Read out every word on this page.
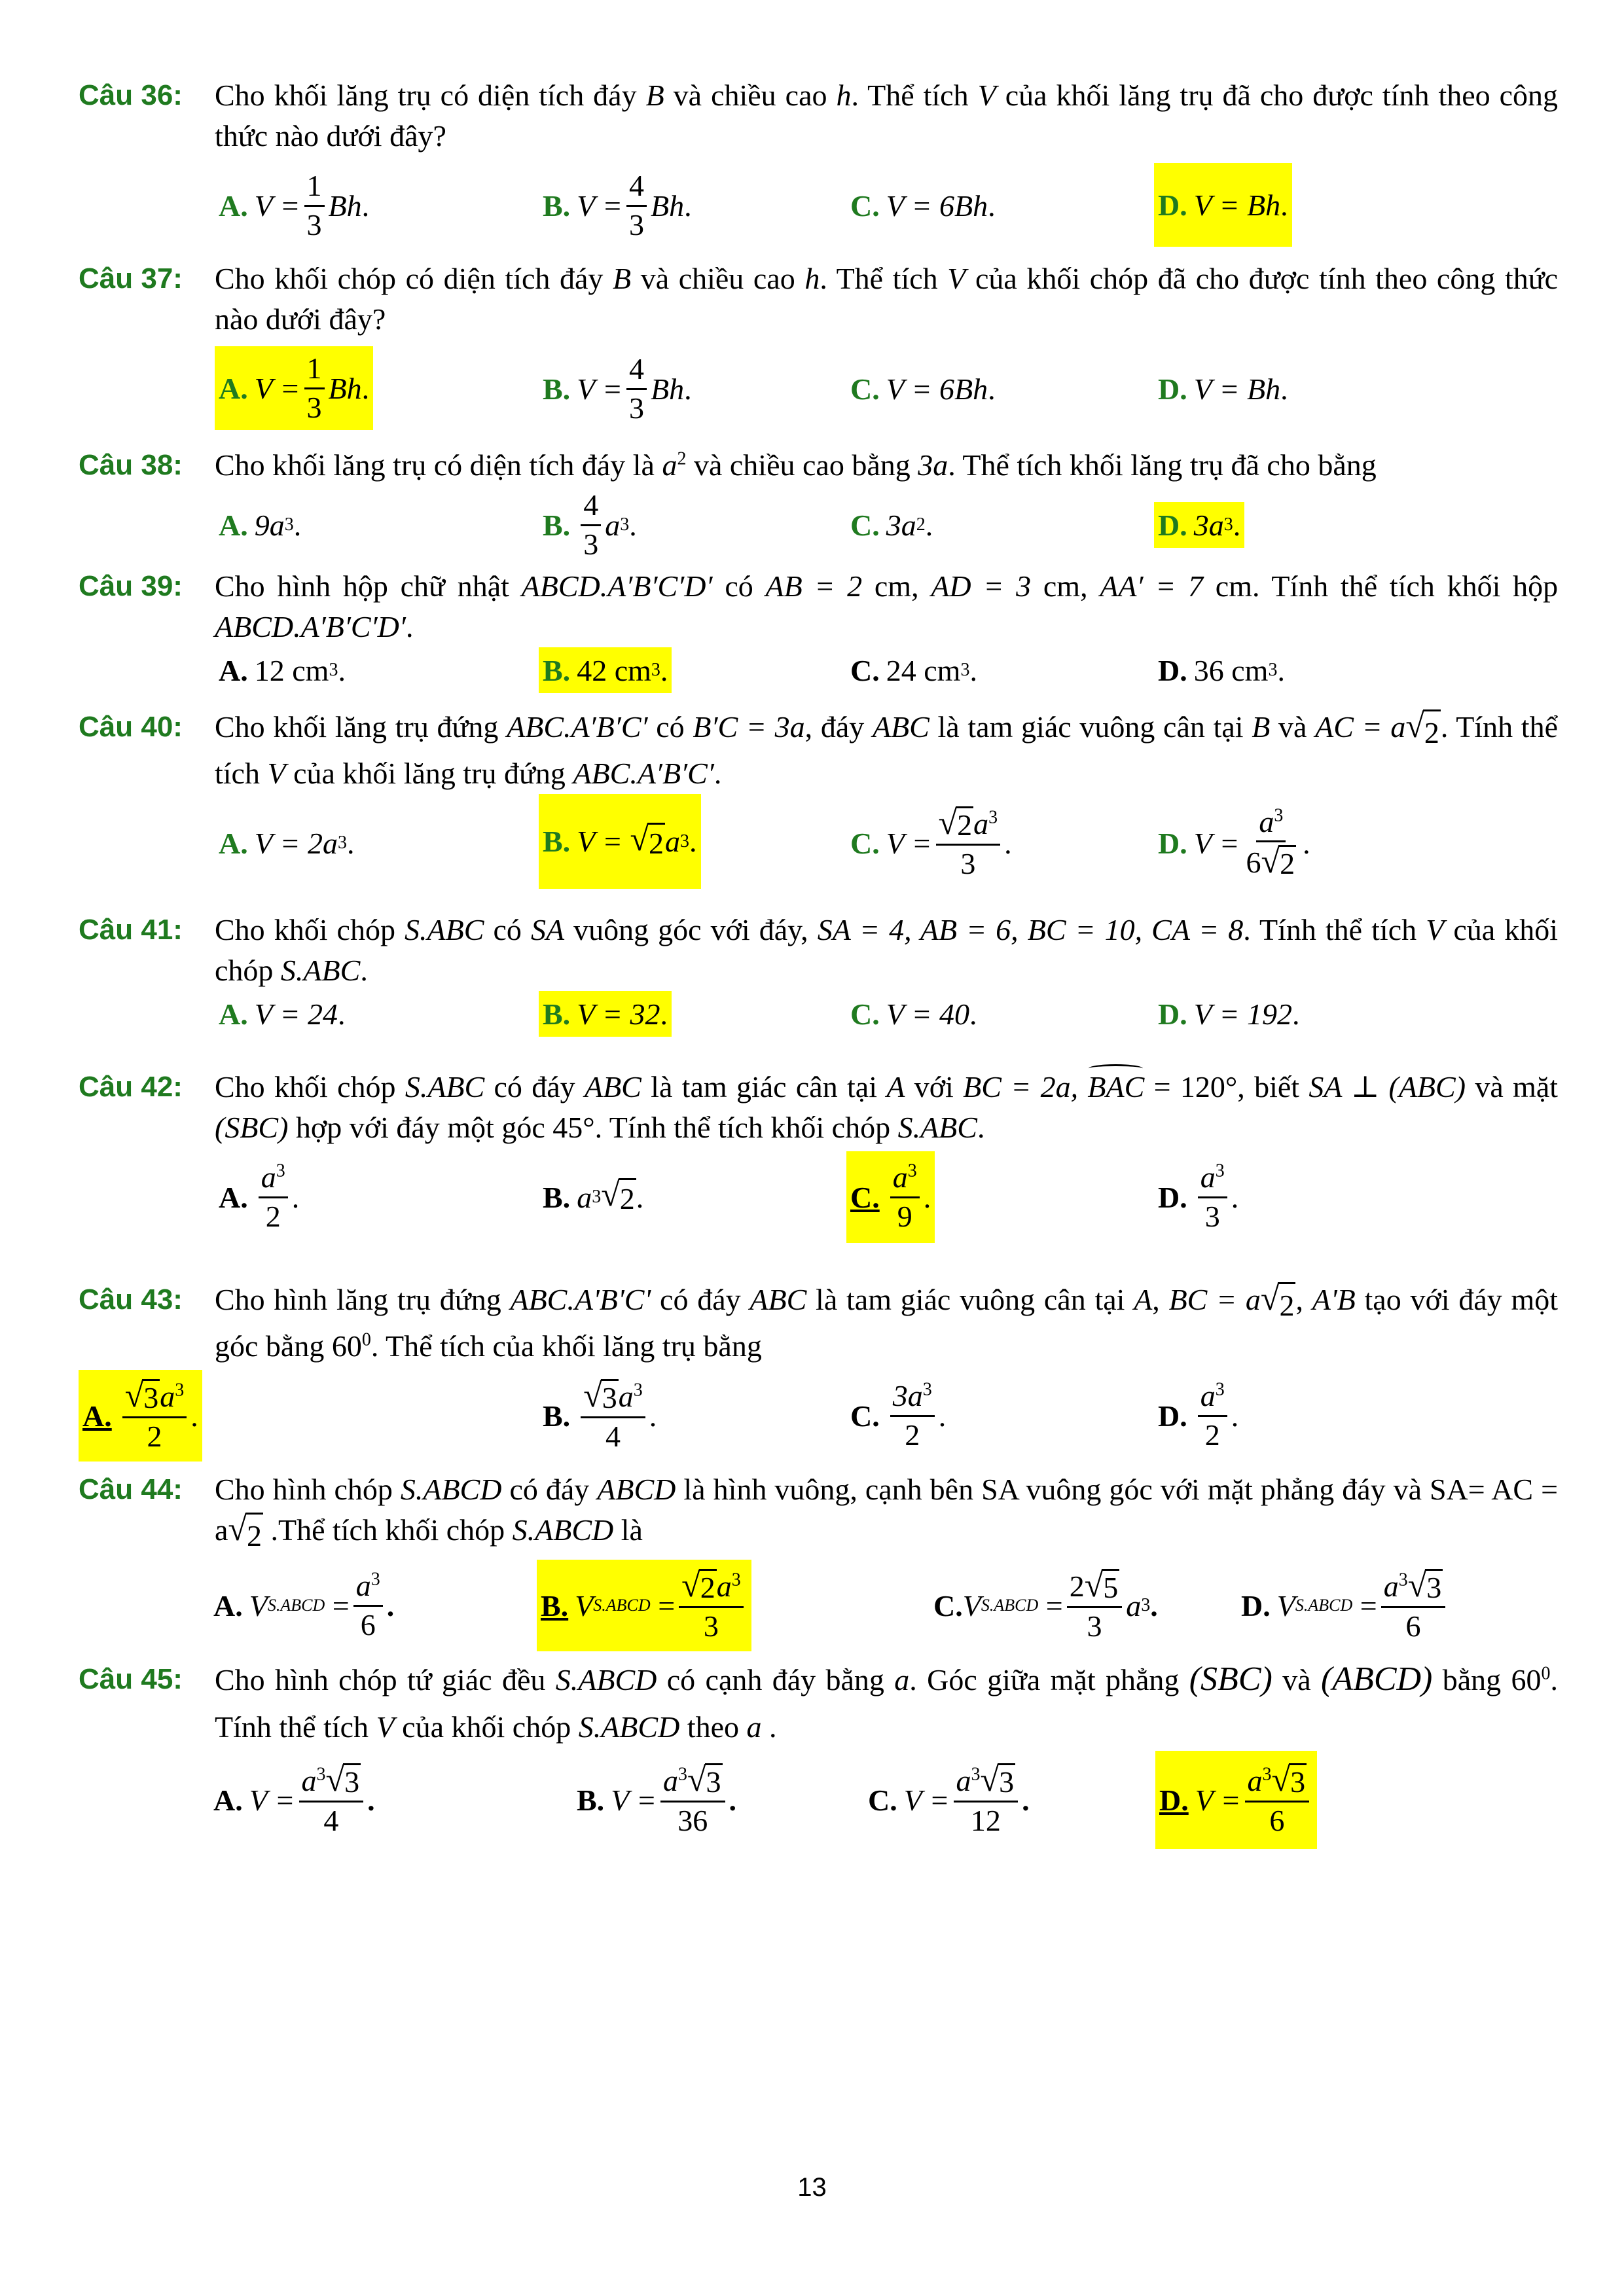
Câu 36: Cho khối lăng trụ có diện tích đáy B và chiều cao h. Thể tích V của khối lăng trụ đã cho được tính theo công thức nào dưới đây?
A. $V = \frac{1}{3}$ Bh .	B. $V = \frac{4}{3}$ Bh .	C. V = 6Bh .	D. V = Bh .
Câu 37: Cho khối chóp có diện tích đáy B và chiều cao h. Thể tích V của khối chóp đã cho được tính theo công thức nào dưới đây?
A. $V = \frac{1}{3}$ Bh .	B. $V = \frac{4}{3}$ Bh .	C. V = 6Bh .	D. V = Bh .
Câu 38: Cho khối lăng trụ có diện tích đáy là $a^2$ và chiều cao bằng 3a. Thể tích khối lăng trụ đã cho bằng
A. 9a 3 .	B. $\frac{4}{3}$ a 3 .	C. 3a 2 .	D. 3a 3 .
Câu 39: Cho hình hộp chữ nhật ABCD.A′B′C′D′ có AB = 2 cm, AD = 3 cm, AA′ = 7 cm. Tính thể tích khối hộp ABCD.A′B′C′D′.
A. 12
cm 3 .	B. 42
cm 3 .	C. 24
cm 3 .	D. 36
cm 3 .
Câu 40: Cho khối lăng trụ đứng ABC.A′B′C′ có B′C = 3a, đáy ABC là tam giác vuông cân tại B và AC = a √ 2 . Tính thể tích V của khối lăng trụ đứng ABC.A′B′C′.
A. V = 2a 3 .	B. V =
√ 2 a 3 .	C. $V = \frac{√ 2 a^3}{3}$ .	D. $V = \frac{a^3}{6 √ 2}$ .
Câu 41: Cho khối chóp S.ABC có SA vuông góc với đáy, SA = 4, AB = 6, BC = 10, CA = 8. Tính thể tích V của khối chóp S.ABC.
A. V = 24 .	B. V = 32 .	C. V = 40 .	D. V = 192 .
Câu 42: Cho khối chóp S.ABC có đáy ABC là tam giác cân tại A với BC = 2a, BAC = 120°, biết SA ⊥ (ABC) và mặt (SBC) hợp với đáy một góc 45°. Tính thể tích khối chóp S.ABC.
A. $\frac{a^3}{2}$ .	B. a 3 √ 2 .	C. $\frac{a^3}{9}$ .	D. $\frac{a^3}{3}$ .
Câu 43: Cho hình lăng trụ đứng ABC.A'B'C' có đáy ABC là tam giác vuông cân tại A, BC = a √ 2 , A'B tạo với đáy một góc bằng $60^0$. Thể tích của khối lăng trụ bằng
A. $\frac{√ 3 a^3}{2}$ .	B. $\frac{√ 3 a^3}{4}$ .	C. $\frac{3a^3}{2}$ .	D. $\frac{a^3}{2}$ .
Câu 44: Cho hình chóp S.ABCD có đáy ABCD là hình vuông, cạnh bên SA vuông góc với mặt phẳng đáy và SA= AC = a √ 2 .Thể tích khối chóp S.ABCD là
A. V S.ABCD
= $\frac{a^3}{6}$ .	B. V S.ABCD
= $\frac{√ 2 a^3}{3}$	C. V S.ABCD
= $\frac{2 √ 5}{3}$ a 3 .	D. V S.ABCD
= $\frac{a^3 √ 3}{6}$
Câu 45: Cho hình chóp tứ giác đều S.ABCD có cạnh đáy bằng a. Góc giữa mặt phẳng (SBC) và (ABCD) bằng $60^0$. Tính thể tích V của khối chóp S.ABCD theo a .
A. $V = \frac{a^3 √ 3}{4}$ .	B. $V = \frac{a^3 √ 3}{36}$ .	C. $V = \frac{a^3 √ 3}{12}$ .	D. $V = \frac{a^3 √ 3}{6}$
13
